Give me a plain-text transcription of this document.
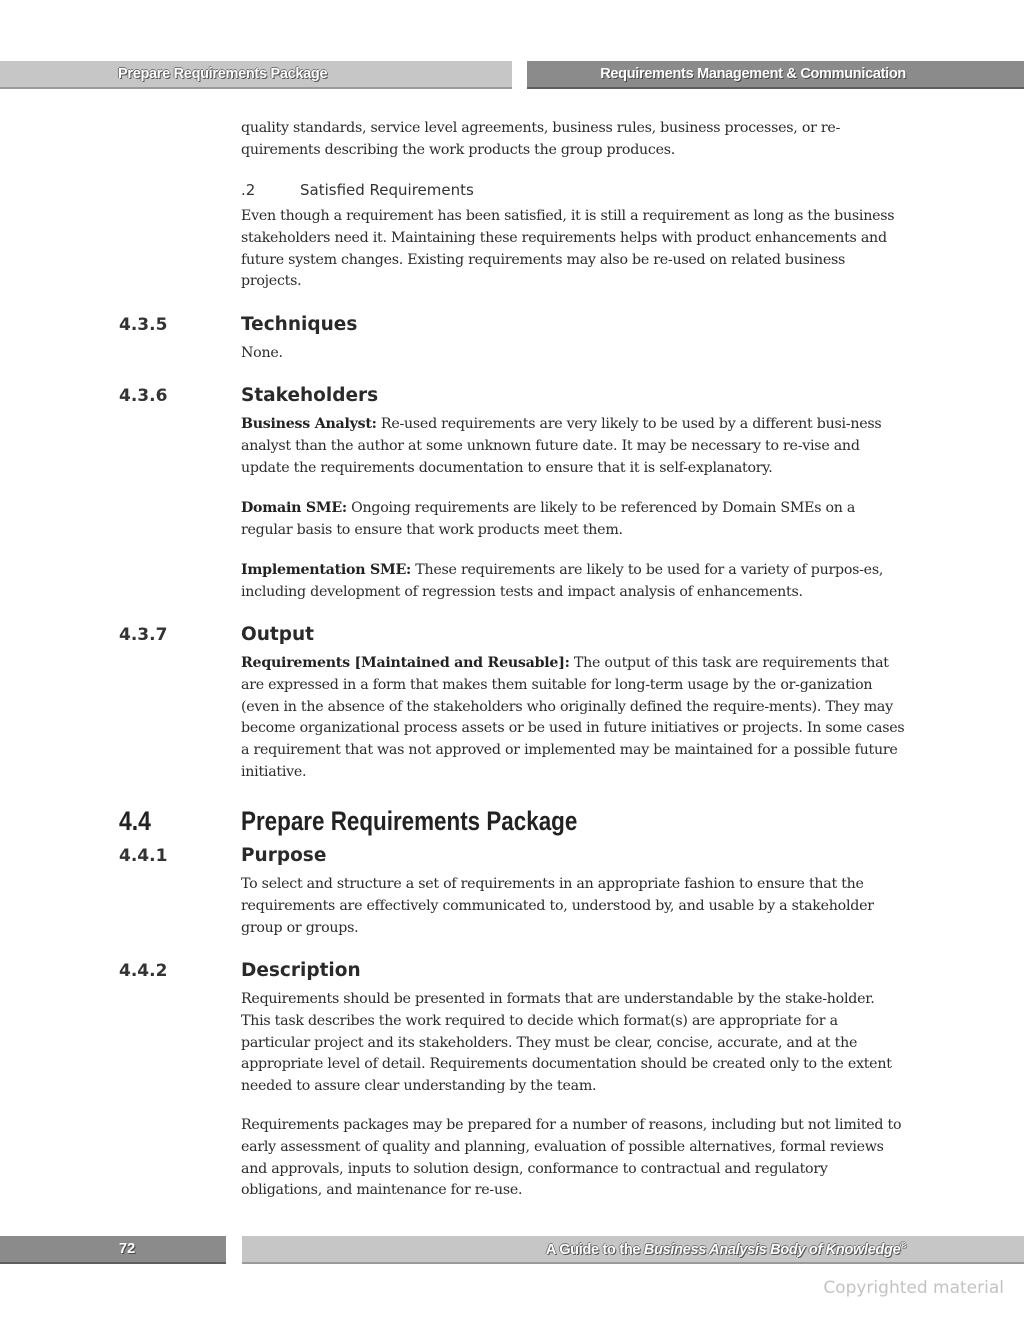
Prepare Requirements Package	Requirements Management & Communication
quality standards, service level agreements, business rules, business processes, or re-quirements describing the work products the group produces.
.2	Satisfied Requirements
Even though a requirement has been satisfied, it is still a requirement as long as the business stakeholders need it. Maintaining these requirements helps with product enhancements and future system changes. Existing requirements may also be re-used on related business projects.
4.3.5	Techniques
None.
4.3.6	Stakeholders
Business Analyst: Re-used requirements are very likely to be used by a different busi-ness analyst than the author at some unknown future date. It may be necessary to re-vise and update the requirements documentation to ensure that it is self-explanatory.
Domain SME: Ongoing requirements are likely to be referenced by Domain SMEs on a regular basis to ensure that work products meet them.
Implementation SME: These requirements are likely to be used for a variety of purpos-es, including development of regression tests and impact analysis of enhancements.
4.3.7	Output
Requirements [Maintained and Reusable]: The output of this task are requirements that are expressed in a form that makes them suitable for long-term usage by the or-ganization (even in the absence of the stakeholders who originally defined the require-ments). They may become organizational process assets or be used in future initiatives or projects. In some cases a requirement that was not approved or implemented may be maintained for a possible future initiative.
4.4	Prepare Requirements Package
4.4.1	Purpose
To select and structure a set of requirements in an appropriate fashion to ensure that the requirements are effectively communicated to, understood by, and usable by a stakeholder group or groups.
4.4.2	Description
Requirements should be presented in formats that are understandable by the stake-holder. This task describes the work required to decide which format(s) are appropriate for a particular project and its stakeholders. They must be clear, concise, accurate, and at the appropriate level of detail. Requirements documentation should be created only to the extent needed to assure clear understanding by the team.
Requirements packages may be prepared for a number of reasons, including but not limited to early assessment of quality and planning, evaluation of possible alternatives, formal reviews and approvals, inputs to solution design, conformance to contractual and regulatory obligations, and maintenance for re-use.
72	A Guide to the Business Analysis Body of Knowledge®
Copyrighted material
